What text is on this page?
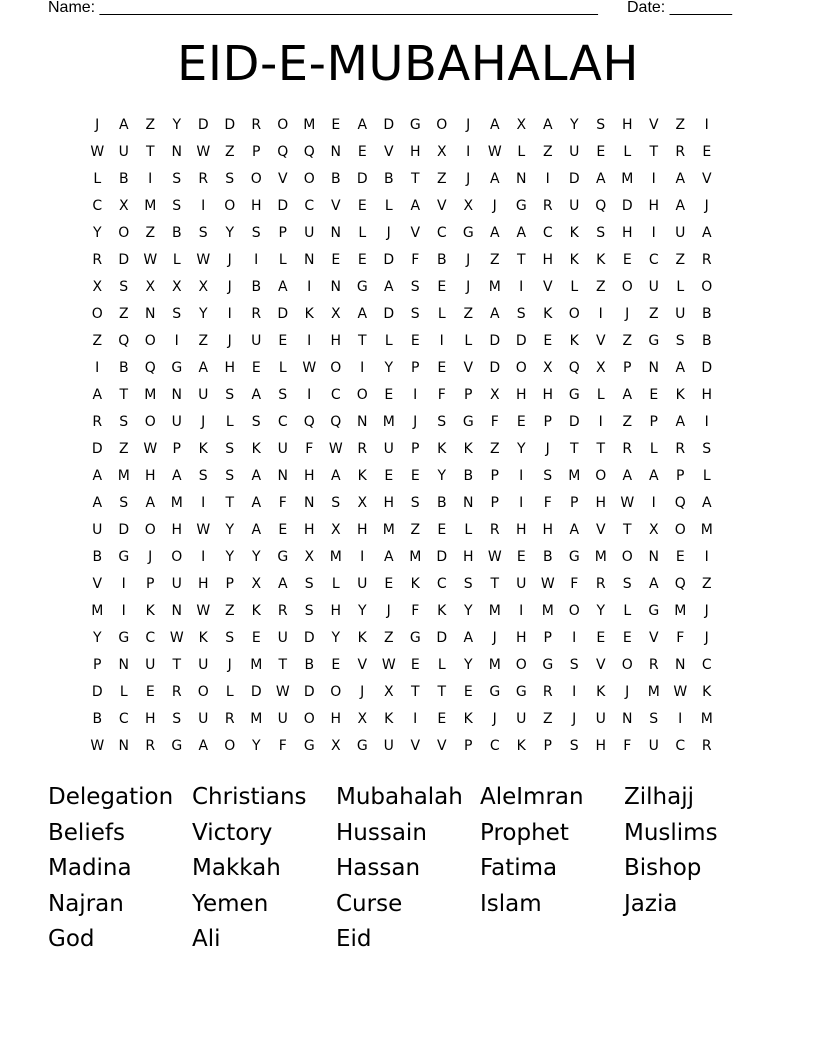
Name: ________________________________________________________ Date: _______
EID-E-MUBAHALAH
J	A	Z	Y	D	D	R	O	M	E	A	D	G	O	J	A	X	A	Y	S	H	V	Z	I
W	U	T	N	W	Z	P	Q	Q	N	E	V	H	X	I	W	L	Z	U	E	L	T	R	E
L	B	I	S	R	S	O	V	O	B	D	B	T	Z	J	A	N	I	D	A	M	I	A	V
C	X	M	S	I	O	H	D	C	V	E	L	A	V	X	J	G	R	U	Q	D	H	A	J
Y	O	Z	B	S	Y	S	P	U	N	L	J	V	C	G	A	A	C	K	S	H	I	U	A
R	D	W	L	W	J	I	L	N	E	E	D	F	B	J	Z	T	H	K	K	E	C	Z	R
X	S	X	X	X	J	B	A	I	N	G	A	S	E	J	M	I	V	L	Z	O	U	L	O
O	Z	N	S	Y	I	R	D	K	X	A	D	S	L	Z	A	S	K	O	I	J	Z	U	B
Z	Q	O	I	Z	J	U	E	I	H	T	L	E	I	L	D	D	E	K	V	Z	G	S	B
I	B	Q	G	A	H	E	L	W	O	I	Y	P	E	V	D	O	X	Q	X	P	N	A	D
A	T	M	N	U	S	A	S	I	C	O	E	I	F	P	X	H	H	G	L	A	E	K	H
R	S	O	U	J	L	S	C	Q	Q	N	M	J	S	G	F	E	P	D	I	Z	P	A	I
D	Z	W	P	K	S	K	U	F	W	R	U	P	K	K	Z	Y	J	T	T	R	L	R	S
A	M	H	A	S	S	A	N	H	A	K	E	E	Y	B	P	I	S	M	O	A	A	P	L
A	S	A	M	I	T	A	F	N	S	X	H	S	B	N	P	I	F	P	H	W	I	Q	A
U	D	O	H	W	Y	A	E	H	X	H	M	Z	E	L	R	H	H	A	V	T	X	O	M
B	G	J	O	I	Y	Y	G	X	M	I	A	M	D	H	W	E	B	G	M	O	N	E	I
V	I	P	U	H	P	X	A	S	L	U	E	K	C	S	T	U	W	F	R	S	A	Q	Z
M	I	K	N	W	Z	K	R	S	H	Y	J	F	K	Y	M	I	M	O	Y	L	G	M	J
Y	G	C	W	K	S	E	U	D	Y	K	Z	G	D	A	J	H	P	I	E	E	V	F	J
P	N	U	T	U	J	M	T	B	E	V	W	E	L	Y	M	O	G	S	V	O	R	N	C
D	L	E	R	O	L	D	W	D	O	J	X	T	T	E	G	G	R	I	K	J	M W	K
B	C	H	S	U	R	M	U	O	H	X	K	I	E	K	J	U	Z	J	U	N	S	I	M
W	N	R	G	A	O	Y	F	G	X	G	U	V	V	P	C	K	P	S	H	F	U	C	R
Delegation Christians	Mubahalah AleImran	Zilhajj
Beliefs	Victory	Hussain	Prophet	Muslims
Madina	Makkah	Hassan	Fatima	Bishop
Najran	Yemen	Curse	Islam	Jazia
God	Ali	Eid
